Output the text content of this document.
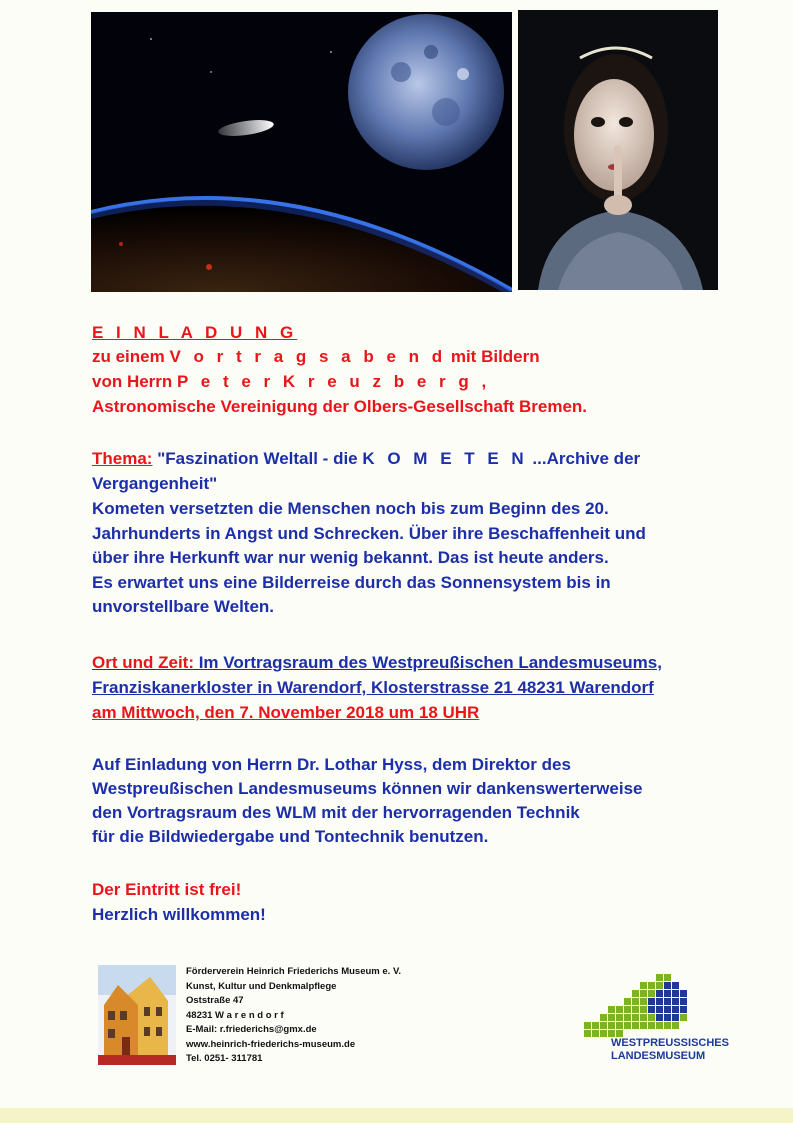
E I N L A D U N G
zu einem V o r t r a g s a b e n d mit Bildern
von Herrn P e t e r K r e u z b e r g ,
Astronomische Vereinigung der Olbers-Gesellschaft Bremen.
Thema: "Faszination Weltall - die K O M E T E N ...Archive der
Vergangenheit"
Kometen versetzten die Menschen noch bis zum Beginn des 20.
Jahrhunderts in Angst und Schrecken. Über ihre Beschaffenheit und
über ihre Herkunft war nur wenig bekannt. Das ist heute anders.
Es erwartet uns eine Bilderreise durch das Sonnensystem bis in
unvorstellbare Welten.
Ort und Zeit: Im Vortragsraum des Westpreußischen Landesmuseums,
Franziskanerkloster in Warendorf, Klosterstrasse 21 48231 Warendorf
am Mittwoch, den 7. November 2018 um 18 UHR
Auf Einladung von Herrn Dr. Lothar Hyss, dem Direktor des
Westpreußischen Landesmuseums können wir dankenswerterweise
den Vortragsraum des WLM mit der hervorragenden Technik
für die Bildwiedergabe und Tontechnik benutzen.
Der Eintritt ist frei!
Herzlich willkommen!
Förderverein Heinrich Friederichs Museum e. V.
Kunst, Kultur und Denkmalpflege
Oststraße 47
48231 W a r e n d o r f
E-Mail: r.friederichs@gmx.de
www.heinrich-friederichs-museum.de
Tel. 0251- 311781
WESTPREUSSISCHES
LANDESMUSEUM
